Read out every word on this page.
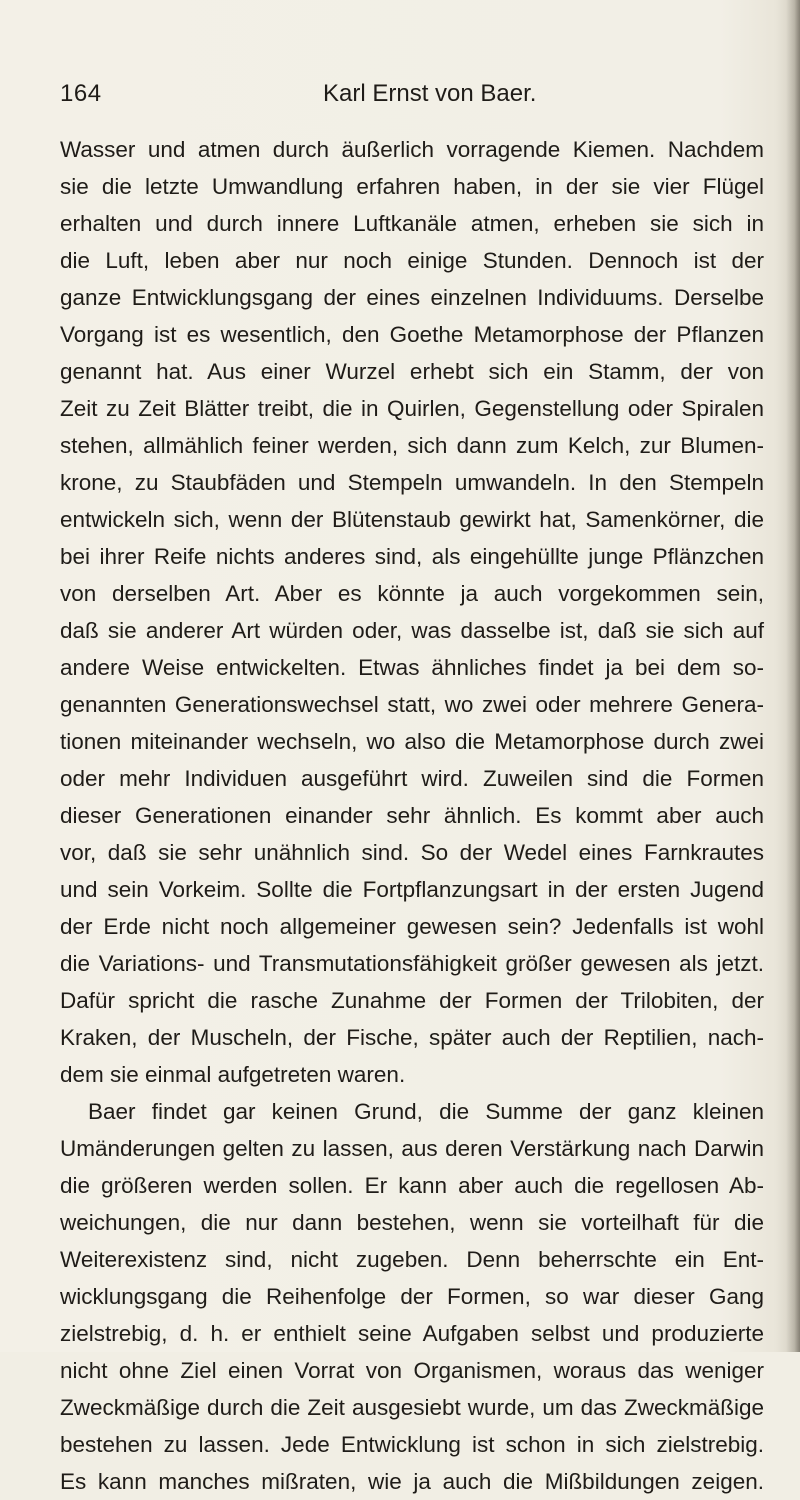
164	Karl Ernst von Baer.
Wasser und atmen durch äußerlich vorragende Kiemen. Nachdem
sie die letzte Umwandlung erfahren haben, in der sie vier Flügel
erhalten und durch innere Luftkanäle atmen, erheben sie sich in
die Luft, leben aber nur noch einige Stunden. Dennoch ist der
ganze Entwicklungsgang der eines einzelnen Individuums. Derselbe
Vorgang ist es wesentlich, den Goethe Metamorphose der Pflanzen
genannt hat. Aus einer Wurzel erhebt sich ein Stamm, der von
Zeit zu Zeit Blätter treibt, die in Quirlen, Gegenstellung oder Spiralen
stehen, allmählich feiner werden, sich dann zum Kelch, zur Blumen-
krone, zu Staubfäden und Stempeln umwandeln. In den Stempeln
entwickeln sich, wenn der Blütenstaub gewirkt hat, Samenkörner, die
bei ihrer Reife nichts anderes sind, als eingehüllte junge Pflänzchen
von derselben Art. Aber es könnte ja auch vorgekommen sein,
daß sie anderer Art würden oder, was dasselbe ist, daß sie sich auf
andere Weise entwickelten. Etwas ähnliches findet ja bei dem so-
genannten Generationswechsel statt, wo zwei oder mehrere Genera-
tionen miteinander wechseln, wo also die Metamorphose durch zwei
oder mehr Individuen ausgeführt wird. Zuweilen sind die Formen
dieser Generationen einander sehr ähnlich. Es kommt aber auch
vor, daß sie sehr unähnlich sind. So der Wedel eines Farnkrautes
und sein Vorkeim. Sollte die Fortpflanzungsart in der ersten Jugend
der Erde nicht noch allgemeiner gewesen sein? Jedenfalls ist wohl
die Variations- und Transmutationsfähigkeit größer gewesen als jetzt.
Dafür spricht die rasche Zunahme der Formen der Trilobiten, der
Kraken, der Muscheln, der Fische, später auch der Reptilien, nach-
dem sie einmal aufgetreten waren.
Baer findet gar keinen Grund, die Summe der ganz kleinen
Umänderungen gelten zu lassen, aus deren Verstärkung nach Darwin
die größeren werden sollen. Er kann aber auch die regellosen Ab-
weichungen, die nur dann bestehen, wenn sie vorteilhaft für die
Weiterexistenz sind, nicht zugeben. Denn beherrschte ein Ent-
wicklungsgang die Reihenfolge der Formen, so war dieser Gang
zielstrebig, d. h. er enthielt seine Aufgaben selbst und produzierte
nicht ohne Ziel einen Vorrat von Organismen, woraus das weniger
Zweckmäßige durch die Zeit ausgesiebt wurde, um das Zweckmäßige
bestehen zu lassen. Jede Entwicklung ist schon in sich zielstrebig.
Es kann manches mißraten, wie ja auch die Mißbildungen zeigen.
